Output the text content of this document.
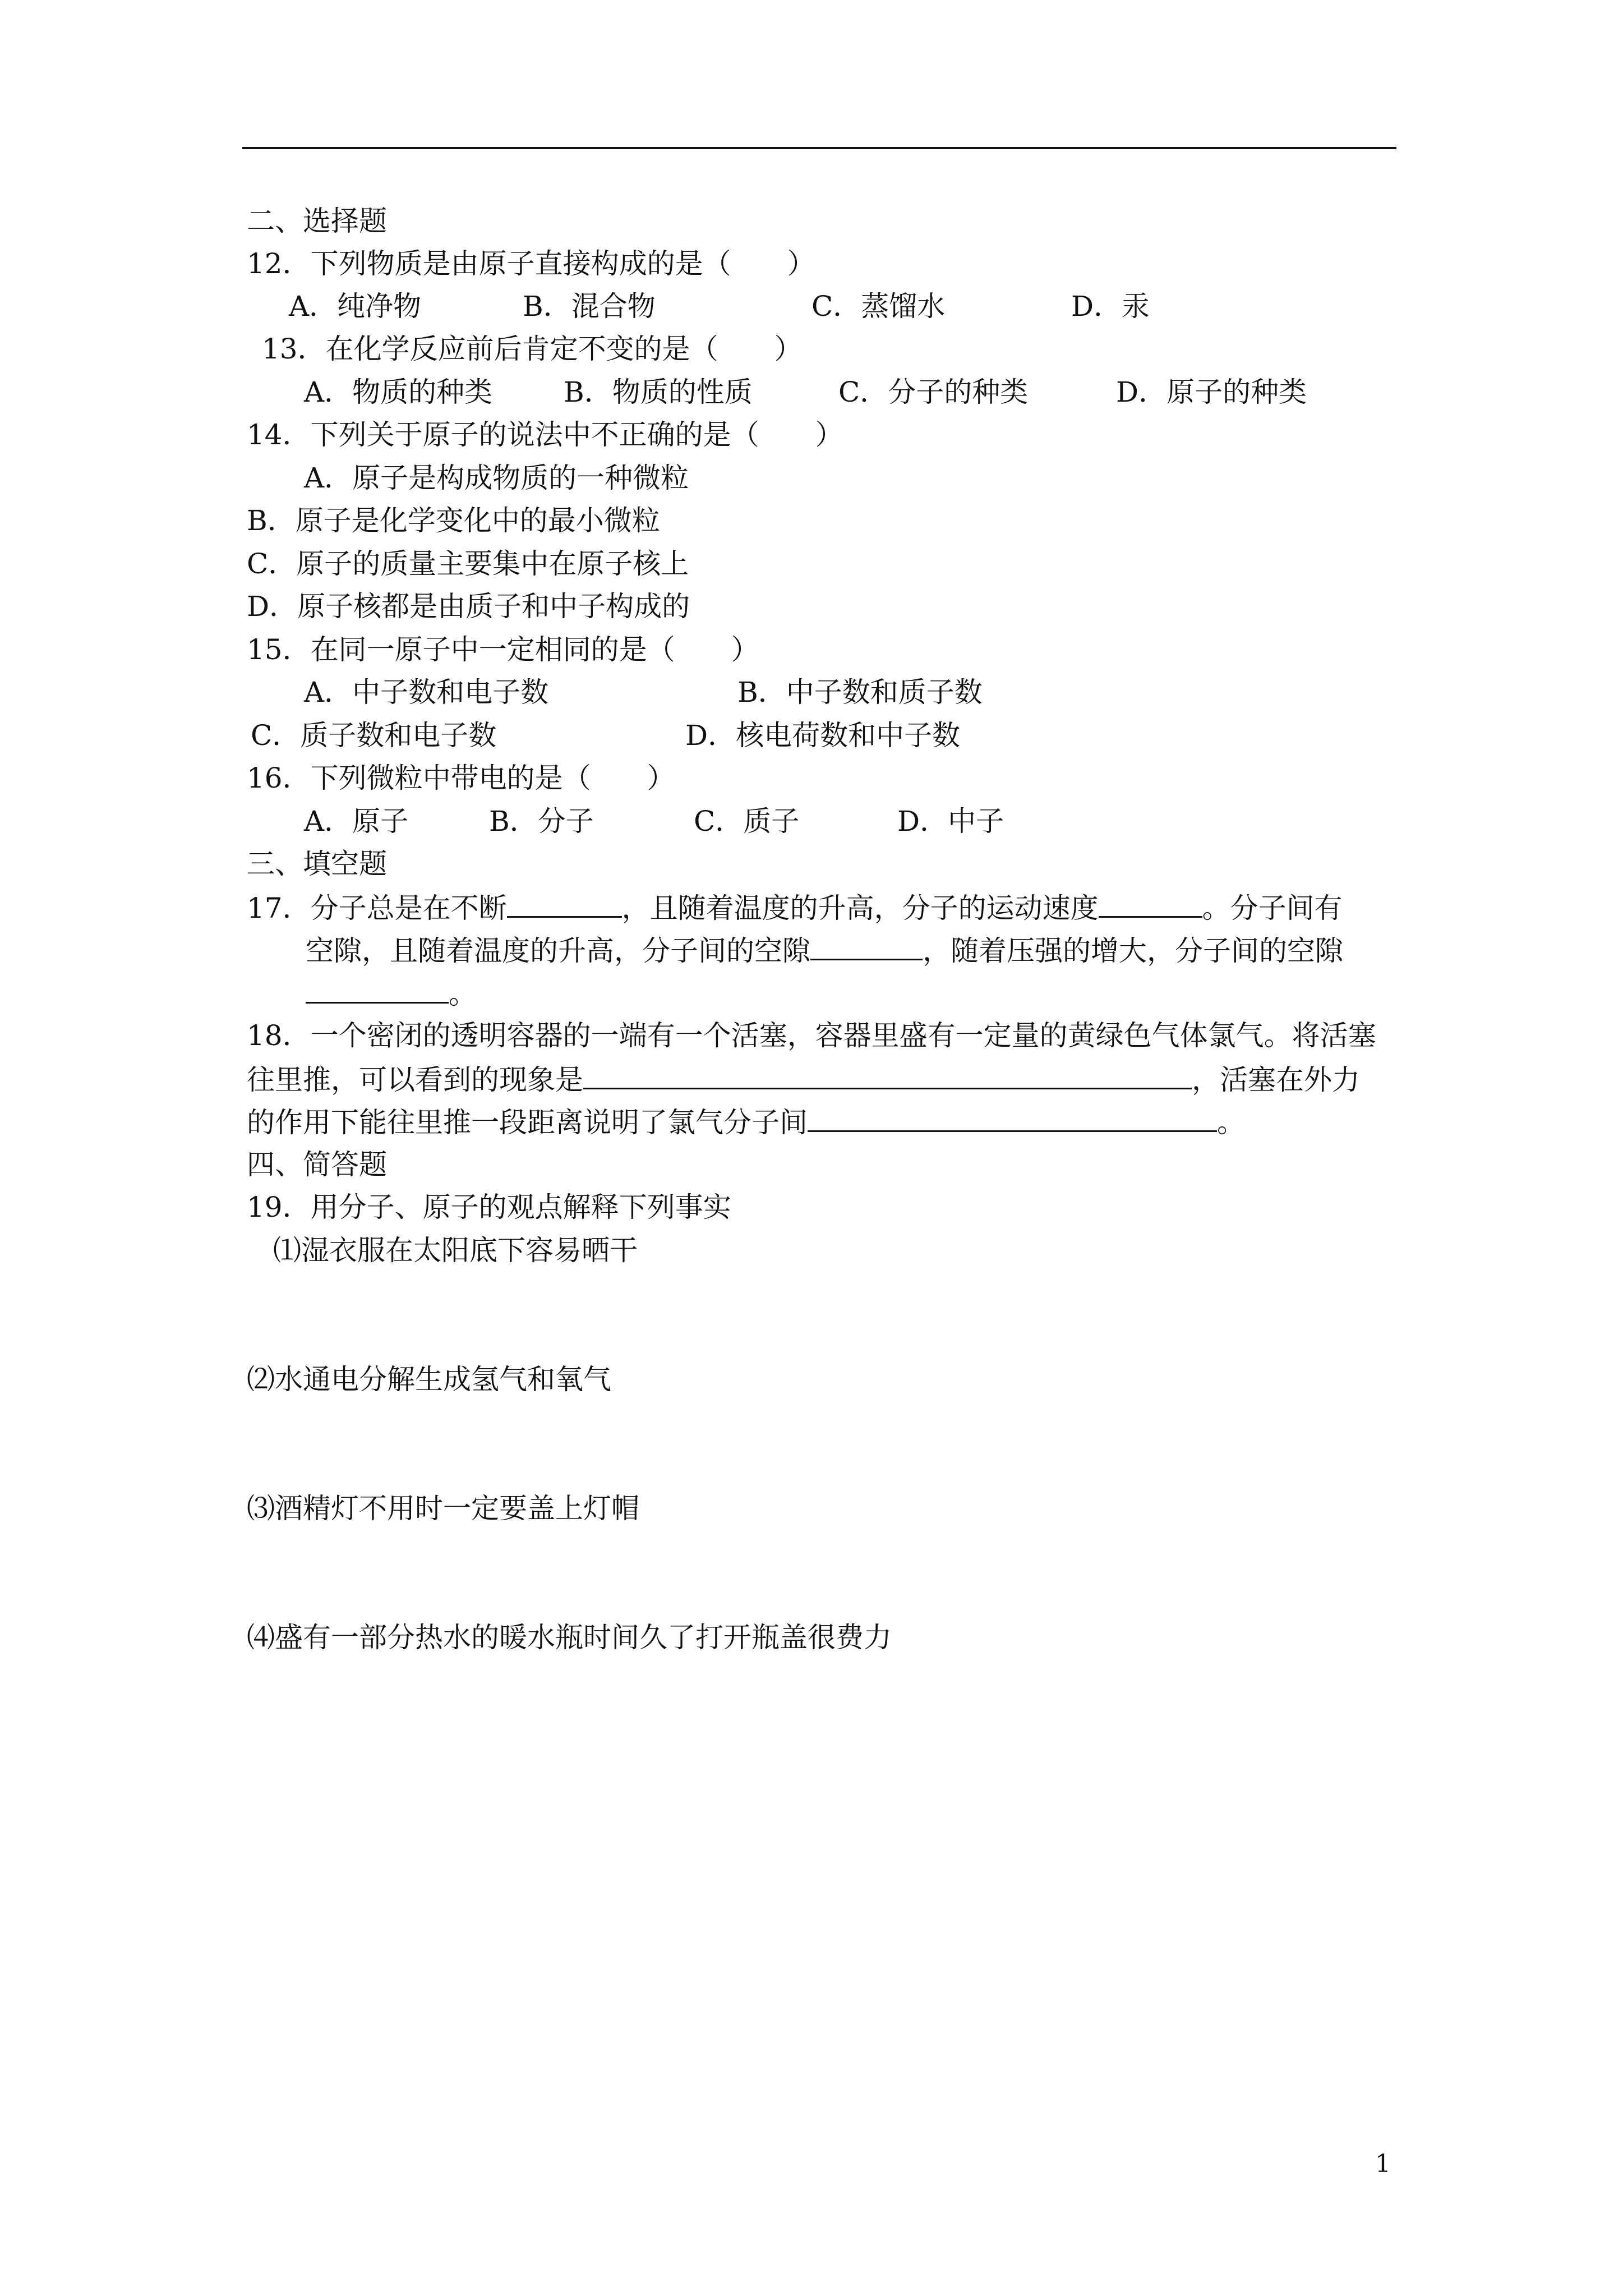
二、选择题
12．下列物质是由原子直接构成的是（　　）
A．纯净物	B．混合物	C．蒸馏水	D．汞
13．在化学反应前后肯定不变的是（　　）
A．物质的种类	B．物质的性质	C．分子的种类	D．原子的种类
14．下列关于原子的说法中不正确的是（　　）
A．原子是构成物质的一种微粒
B．原子是化学变化中的最小微粒
C．原子的质量主要集中在原子核上
D．原子核都是由质子和中子构成的
15．在同一原子中一定相同的是（　　）
A．中子数和电子数	B．中子数和质子数
C．质子数和电子数	D．核电荷数和中子数
16．下列微粒中带电的是（　　）
A．原子	B．分子	C．质子	D．中子
三、填空题
17．分子总是在不断	，且随着温度的升高，分子的运动速度	。分子间有
空隙，且随着温度的升高，分子间的空隙	，随着压强的增大，分子间的空隙
。
18．一个密闭的透明容器的一端有一个活塞，容器里盛有一定量的黄绿色气体氯气。将活塞
往里推，可以看到的现象是	，活塞在外力
的作用下能往里推一段距离说明了氯气分子间	。
四、简答题
19．用分子、原子的观点解释下列事实
⑴湿衣服在太阳底下容易晒干
⑵水通电分解生成氢气和氧气
⑶酒精灯不用时一定要盖上灯帽
⑷盛有一部分热水的暖水瓶时间久了打开瓶盖很费力
1
